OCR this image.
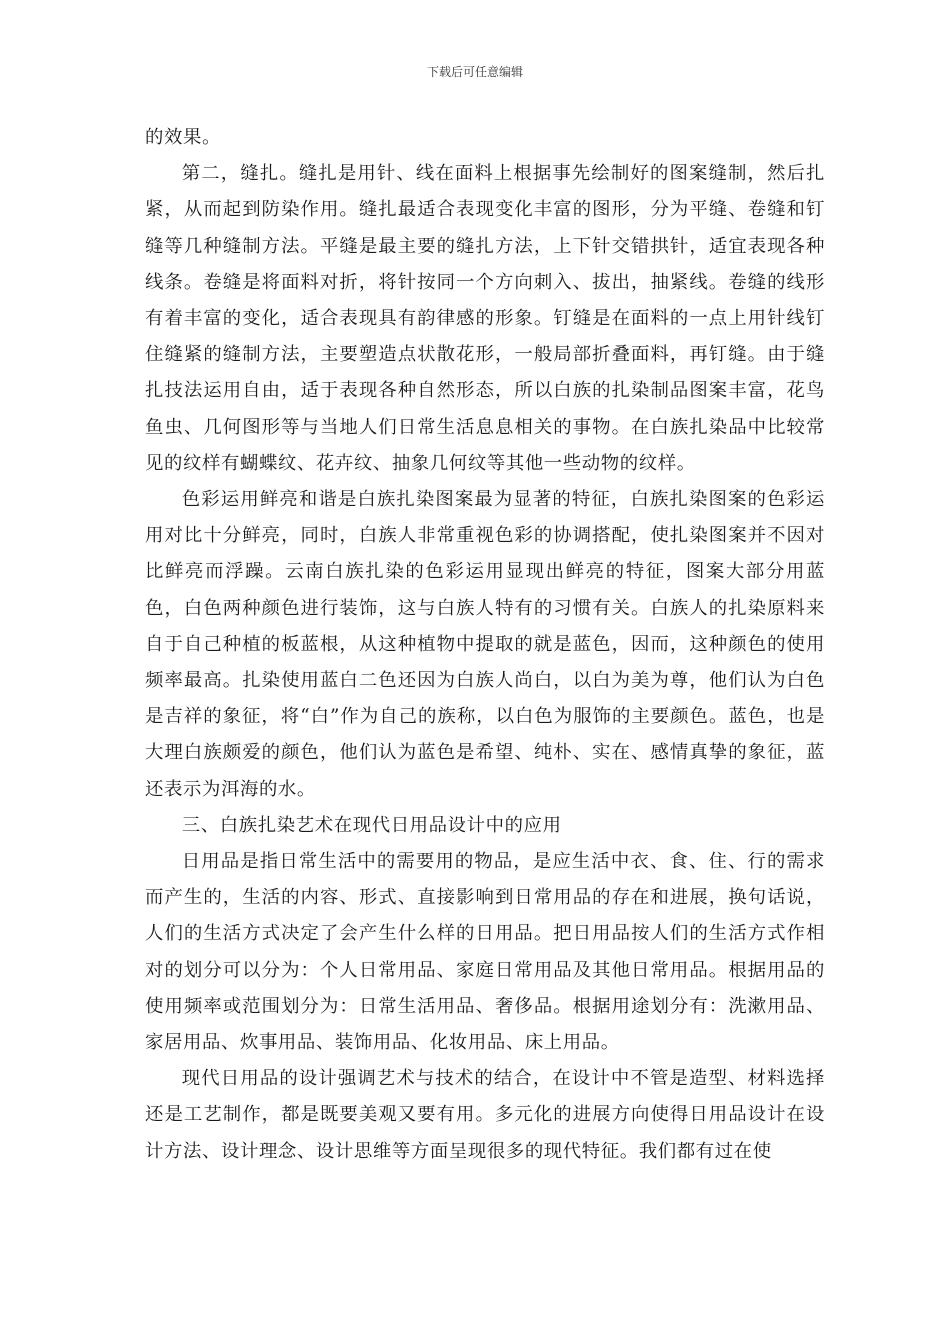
下载后可任意编辑

的效果。

第二，缝扎。缝扎是用针、线在面料上根据事先绘制好的图案缝制，然后扎紧，从而起到防染作用。缝扎最适合表现变化丰富的图形，分为平缝、卷缝和钉缝等几种缝制方法。平缝是最主要的缝扎方法，上下针交错拱针，适宜表现各种线条。卷缝是将面料对折，将针按同一个方向刺入、拔出，抽紧线。卷缝的线形有着丰富的变化，适合表现具有韵律感的形象。钉缝是在面料的一点上用针线钉住缝紧的缝制方法，主要塑造点状散花形，一般局部折叠面料，再钉缝。由于缝扎技法运用自由，适于表现各种自然形态，所以白族的扎染制品图案丰富，花鸟鱼虫、几何图形等与当地人们日常生活息息相关的事物。在白族扎染品中比较常见的纹样有蝴蝶纹、花卉纹、抽象几何纹等其他一些动物的纹样。

色彩运用鲜亮和谐是白族扎染图案最为显著的特征，白族扎染图案的色彩运用对比十分鲜亮，同时，白族人非常重视色彩的协调搭配，使扎染图案并不因对比鲜亮而浮躁。云南白族扎染的色彩运用显现出鲜亮的特征，图案大部分用蓝色，白色两种颜色进行装饰，这与白族人特有的习惯有关。白族人的扎染原料来自于自己种植的板蓝根，从这种植物中提取的就是蓝色，因而，这种颜色的使用频率最高。扎染使用蓝白二色还因为白族人尚白，以白为美为尊，他们认为白色是吉祥的象征，将“白”作为自己的族称，以白色为服饰的主要颜色。蓝色，也是大理白族颇爱的颜色，他们认为蓝色是希望、纯朴、实在、感情真挚的象征，蓝还表示为洱海的水。

三、白族扎染艺术在现代日用品设计中的应用

日用品是指日常生活中的需要用的物品，是应生活中衣、食、住、行的需求而产生的，生活的内容、形式、直接影响到日常用品的存在和进展，换句话说，人们的生活方式决定了会产生什么样的日用品。把日用品按人们的生活方式作相对的划分可以分为：个人日常用品、家庭日常用品及其他日常用品。根据用品的使用频率或范围划分为：日常生活用品、奢侈品。根据用途划分有：洗漱用品、家居用品、炊事用品、装饰用品、化妆用品、床上用品。

现代日用品的设计强调艺术与技术的结合，在设计中不管是造型、材料选择还是工艺制作，都是既要美观又要有用。多元化的进展方向使得日用品设计在设计方法、设计理念、设计思维等方面呈现很多的现代特征。我们都有过在使
